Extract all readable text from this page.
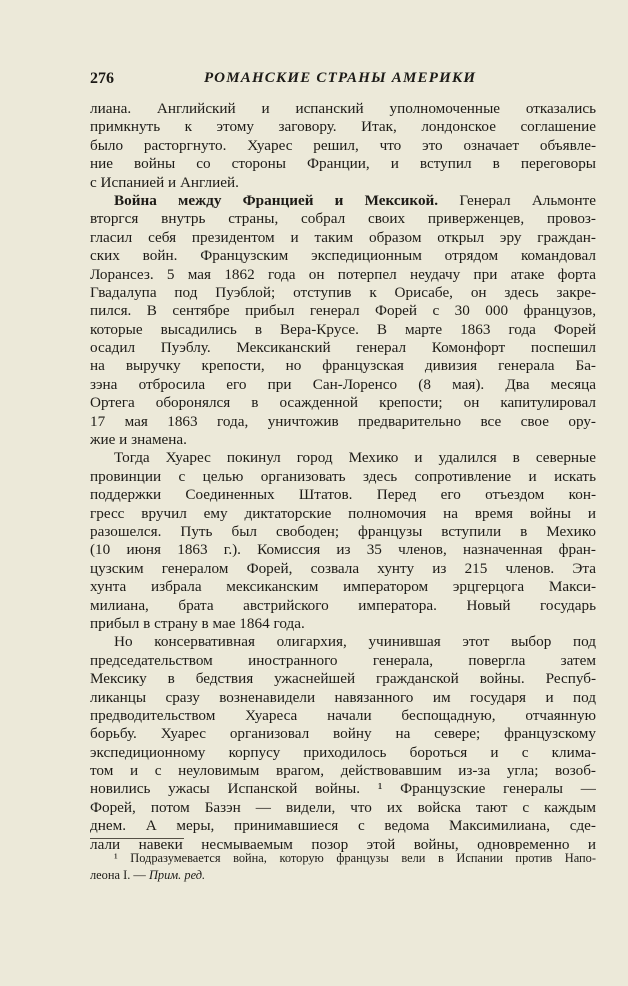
276	РОМАНСКИЕ СТРАНЫ АМЕРИКИ
лиана. Английский и испанский уполномоченные отказались
примкнуть к этому заговору. Итак, лондонское соглашение
было расторгнуто. Хуарес решил, что это означает объявле-
ние войны со стороны Франции, и вступил в переговоры
с Испанией и Англией.
Война между Францией и Мексикой. Генерал Альмонте
вторгся внутрь страны, собрал своих приверженцев, провоз-
гласил себя президентом и таким образом открыл эру граждан-
ских войн. Французским экспедиционным отрядом командовал
Лорансез. 5 мая 1862 года он потерпел неудачу при атаке форта
Гвадалупа под Пуэблой; отступив к Орисабе, он здесь закре-
пился. В сентябре прибыл генерал Форей с 30 000 французов,
которые высадились в Вера-Крусе. В марте 1863 года Форей
осадил Пуэблу. Мексиканский генерал Комонфорт поспешил
на выручку крепости, но французская дивизия генерала Ба-
зэна отбросила его при Сан-Лоренсо (8 мая). Два месяца
Ортега оборонялся в осажденной крепости; он капитулировал
17 мая 1863 года, уничтожив предварительно все свое ору-
жие и знамена.
Тогда Хуарес покинул город Мехико и удалился в северные
провинции с целью организовать здесь сопротивление и искать
поддержки Соединенных Штатов. Перед его отъездом кон-
гресс вручил ему диктаторские полномочия на время войны и
разошелся. Путь был свободен; французы вступили в Мехико
(10 июня 1863 г.). Комиссия из 35 членов, назначенная фран-
цузским генералом Форей, созвала хунту из 215 членов. Эта
хунта избрала мексиканским императором эрцгерцога Макси-
милиана, брата австрийского императора. Новый государь
прибыл в страну в мае 1864 года.
Но консервативная олигархия, учинившая этот выбор под
председательством иностранного генерала, повергла затем
Мексику в бедствия ужаснейшей гражданской войны. Респуб-
ликанцы сразу возненавидели навязанного им государя и под
предводительством Хуареса начали беспощадную, отчаянную
борьбу. Хуарес организовал войну на севере; французскому
экспедиционному корпусу приходилось бороться и с клима-
том и с неуловимым врагом, действовавшим из-за угла; возоб-
новились ужасы Испанской войны. ¹ Французские генералы —
Форей, потом Базэн — видели, что их войска тают с каждым
днем. А меры, принимавшиеся с ведома Максимилиана, сде-
лали навеки несмываемым позор этой войны, одновременно и
¹ Подразумевается война, которую французы вели в Испании против Напо-
леона I. — Прим. ред.
